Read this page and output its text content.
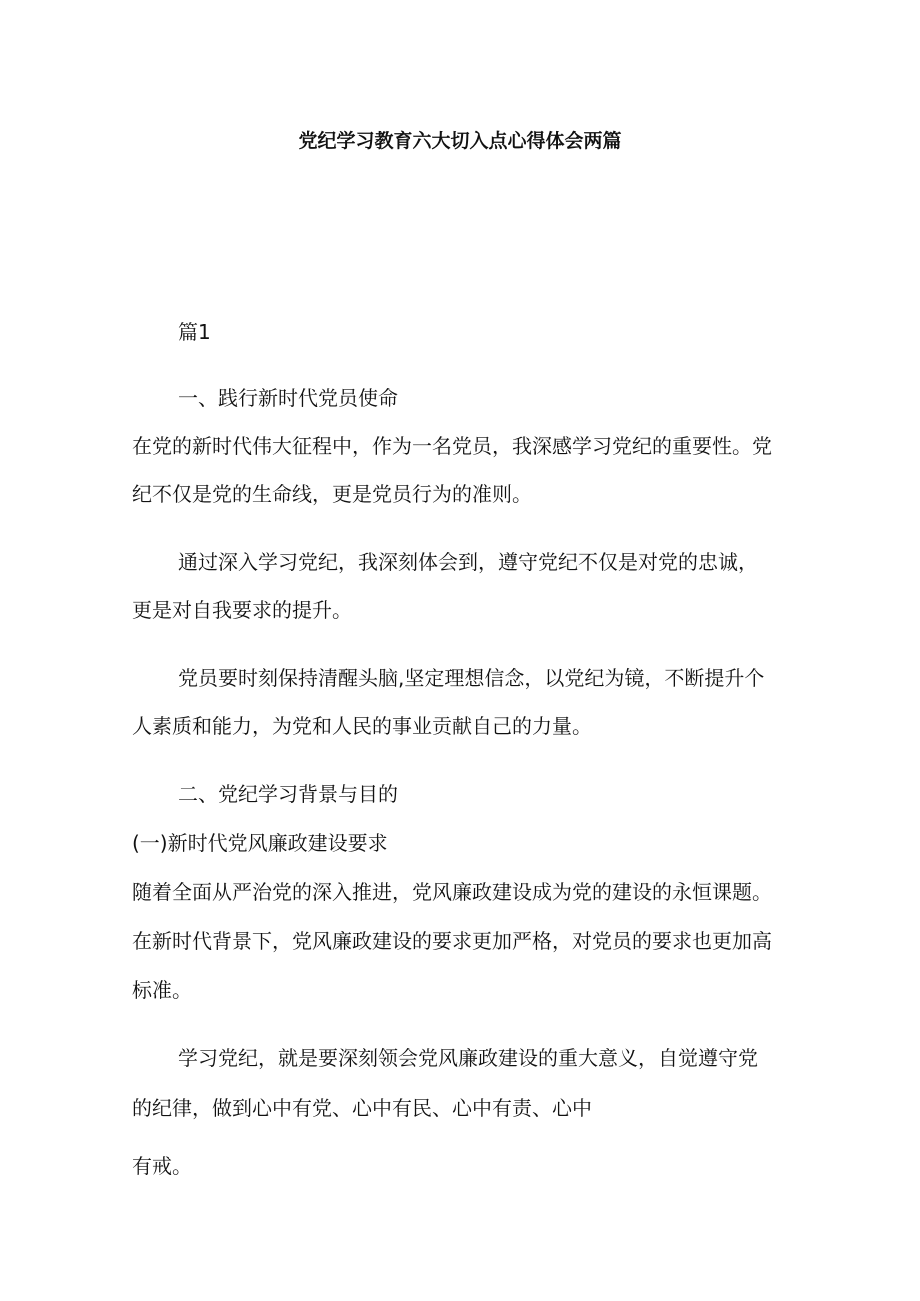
党纪学习教育六大切入点心得体会两篇
篇1
一、践行新时代党员使命
在党的新时代伟大征程中，作为一名党员，我深感学习党纪的重要性。党
纪不仅是党的生命线，更是党员行为的准则。
通过深入学习党纪，我深刻体会到，遵守党纪不仅是对党的忠诚，
更是对自我要求的提升。
党员要时刻保持清醒头脑,坚定理想信念，以党纪为镜，不断提升个
人素质和能力，为党和人民的事业贡献自己的力量。
二、党纪学习背景与目的
(一)新时代党风廉政建设要求
随着全面从严治党的深入推进，党风廉政建设成为党的建设的永恒课题。
在新时代背景下，党风廉政建设的要求更加严格，对党员的要求也更加高
标准。
学习党纪，就是要深刻领会党风廉政建设的重大意义，自觉遵守党
的纪律，做到心中有党、心中有民、心中有责、心中
有戒。
